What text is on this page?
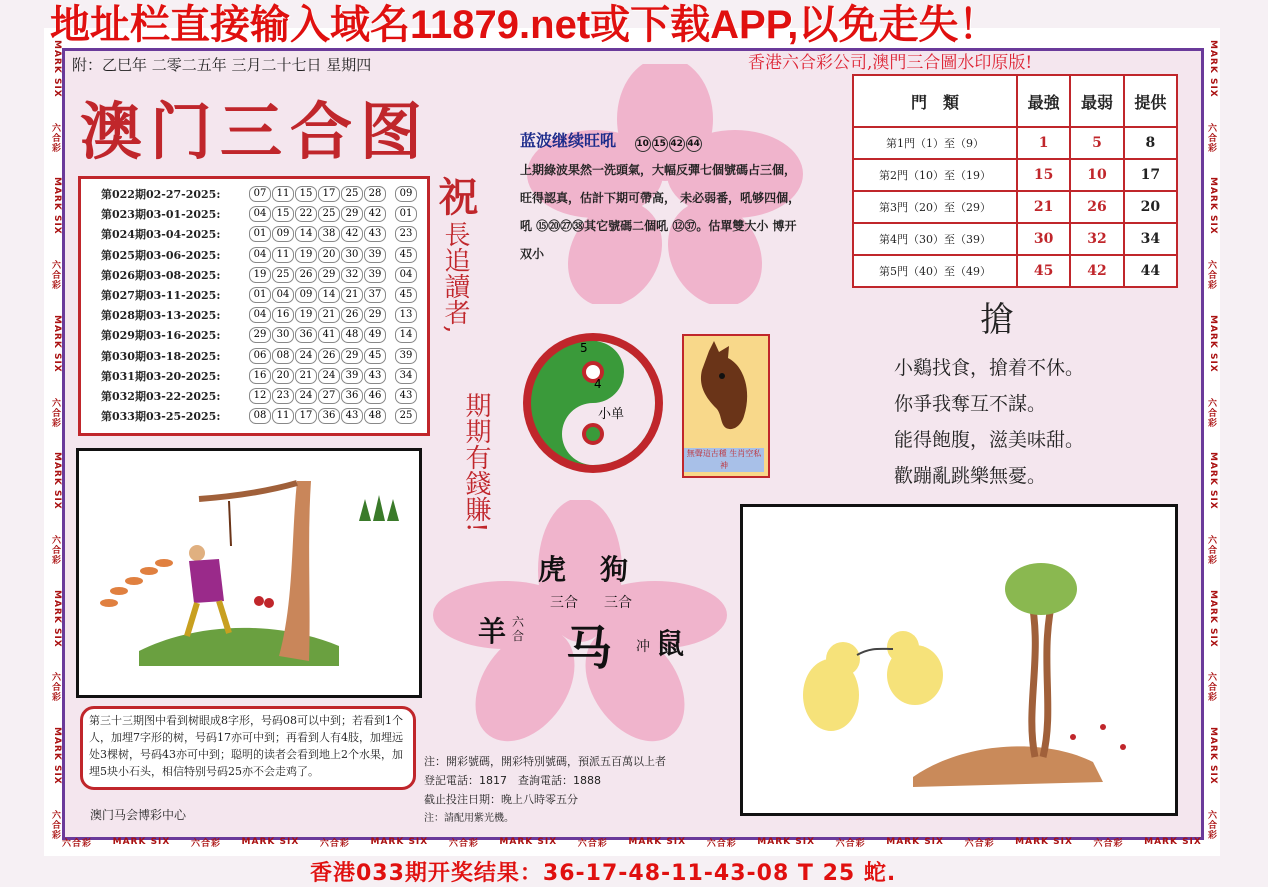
六合彩 MARK SIX 六合彩 MARK SIX 六合彩 MARK SIX 六合彩 MARK SIX 六合彩 MARK SIX 六合彩 MARK SIX 六合彩 MARK SIX 六合彩 MARK SIX 六合彩 MARK SIX
MARK SIX
六合彩
MARK SIX
六合彩
MARK SIX
六合彩
MARK SIX
六合彩
MARK SIX
六合彩
MARK SIX
六合彩
MARK SIX
六合彩
MARK SIX
六合彩
MARK SIX
六合彩
MARK SIX
六合彩
MARK SIX
六合彩
MARK SIX
六合彩
地址栏直接输入域名11879.net或下载APP,以免走失！
附：乙巳年 二零二五年 三月二十七日 星期四	香港六合彩公司,澳門三合圖水印原版!
澳门三合图
第022期02-27-2025:	07	11	15	17	25	28	09
第023期03-01-2025:	04	15	22	25	29	42	01
第024期03-04-2025:	01	09	14	38	42	43	23
第025期03-06-2025:	04	11	19	20	30	39	45
第026期03-08-2025:	19	25	26	29	32	39	04
第027期03-11-2025:	01	04	09	14	21	37	45
第028期03-13-2025:	04	16	19	21	26	29	13
第029期03-16-2025:	29	30	36	41	48	49	14
第030期03-18-2025:	06	08	24	26	29	45	39
第031期03-20-2025:	16	20	21	24	39	43	34
第032期03-22-2025:	12	23	24	27	36	46	43
第033期03-25-2025:	08	11	17	36	43	48	25
祝 長追讀者,
期期有錢賺!
蓝波继续旺吼 10 15 42 44
上期綠波果然一洗頭氣，大幅反彈七個號碼占三個，旺得認真，估計下期可帶高， 未必弱番，吼够四個，吼 ⑮⑳㉗㊳其它號碼二個吼 ⑫㊲。估單雙大小 博开双小
門　類	最強	最弱	提供
第1門（1）至（9）	1	5	8
第2門（10）至（19）	15	10	17
第3門（20）至（29）	21	26	20
第4門（30）至（39）	30	32	34
第5門（40）至（49）	45	42	44
搶
小鷄找食，搶着不休。
你爭我奪互不謀。
能得飽腹，滋美味甜。
歡蹦亂跳樂無憂。
5
4
小单
無聲這古種 生肖空私神
虎 狗
三合 三合
羊 六合 马 冲 鼠
第三十三期图中看到树眼成8字形，号码08可以中到；若看到1个人，加埋7字形的树，号码17亦可中到；再看到人有4肢，加埋远处3棵树，号码43亦可中到；聪明的读者会看到地上2个水果，加埋5块小石头，相信特别号码25亦不会走鸡了。
澳门马会博彩中心
注：開彩號碼，開彩特別號碼，預派五百萬以上者
登記電話：1817　查詢電話：1888
截止投注日期：晚上八時零五分
注：請配用紫光機。
香港033期开奖结果：36-17-48-11-43-08 T 25 蛇.
